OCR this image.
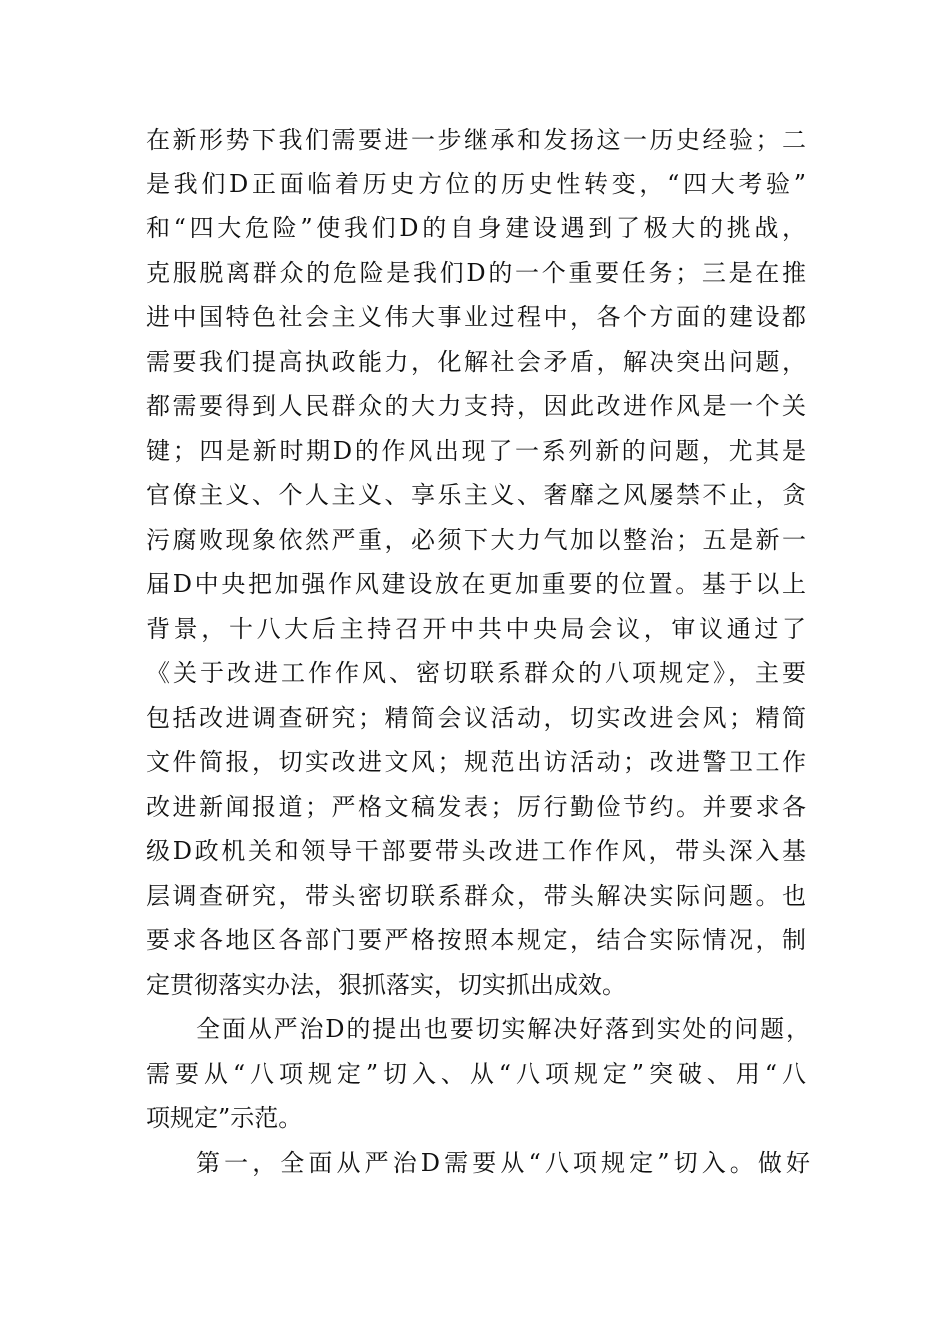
在新形势下我们需要进一步继承和发扬这一历史经验；二
是我们D正面临着历史方位的历史性转变，“四大考验”
和“四大危险”使我们D的自身建设遇到了极大的挑战，
克服脱离群众的危险是我们D的一个重要任务；三是在推
进中国特色社会主义伟大事业过程中，各个方面的建设都
需要我们提高执政能力，化解社会矛盾，解决突出问题，
都需要得到人民群众的大力支持，因此改进作风是一个关
键；四是新时期D的作风出现了一系列新的问题，尤其是
官僚主义、个人主义、享乐主义、奢靡之风屡禁不止，贪
污腐败现象依然严重，必须下大力气加以整治；五是新一
届D中央把加强作风建设放在更加重要的位置。基于以上
背景，十八大后主持召开中共中央局会议，审议通过了
《关于改进工作作风、密切联系群众的八项规定》，主要
包括改进调查研究；精简会议活动，切实改进会风；精简
文件简报，切实改进文风；规范出访活动；改进警卫工作
改进新闻报道；严格文稿发表；厉行勤俭节约。并要求各
级D政机关和领导干部要带头改进工作作风，带头深入基
层调查研究，带头密切联系群众，带头解决实际问题。也
要求各地区各部门要严格按照本规定，结合实际情况，制
定贯彻落实办法，狠抓落实，切实抓出成效。
全面从严治D的提出也要切实解决好落到实处的问题，
需要从“八项规定”切入、从“八项规定”突破、用“八
项规定”示范。
第一，全面从严治D需要从“八项规定”切入。做好
